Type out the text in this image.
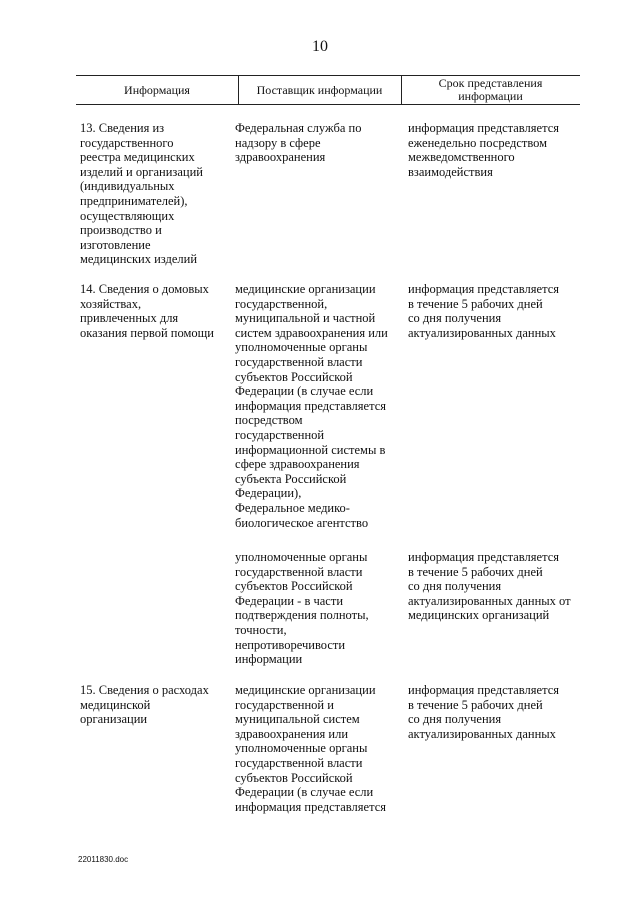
10
Информация	Поставщик информации	Срок представления
информации
13. Сведения из
государственного
реестра медицинских
изделий и организаций
(индивидуальных
предпринимателей),
осуществляющих
производство и
изготовление
медицинских изделий
Федеральная служба по
надзору в сфере
здравоохранения
информация представляется
еженедельно посредством
межведомственного
взаимодействия
14. Сведения о домовых
хозяйствах,
привлеченных для
оказания первой помощи
медицинские организации
государственной,
муниципальной и частной
систем здравоохранения или
уполномоченные органы
государственной власти
субъектов Российской
Федерации (в случае если
информация представляется
посредством
государственной
информационной системы в
сфере здравоохранения
субъекта Российской
Федерации),
Федеральное медико-
биологическое агентство
информация представляется
в течение 5 рабочих дней
со дня получения
актуализированных данных
уполномоченные органы
государственной власти
субъектов Российской
Федерации - в части
подтверждения полноты,
точности,
непротиворечивости
информации
информация представляется
в течение 5 рабочих дней
со дня получения
актуализированных данных от
медицинских организаций
15. Сведения о расходах
медицинской
организации
медицинские организации
государственной и
муниципальной систем
здравоохранения или
уполномоченные органы
государственной власти
субъектов Российской
Федерации (в случае если
информация представляется
информация представляется
в течение 5 рабочих дней
со дня получения
актуализированных данных
22011830.doc
